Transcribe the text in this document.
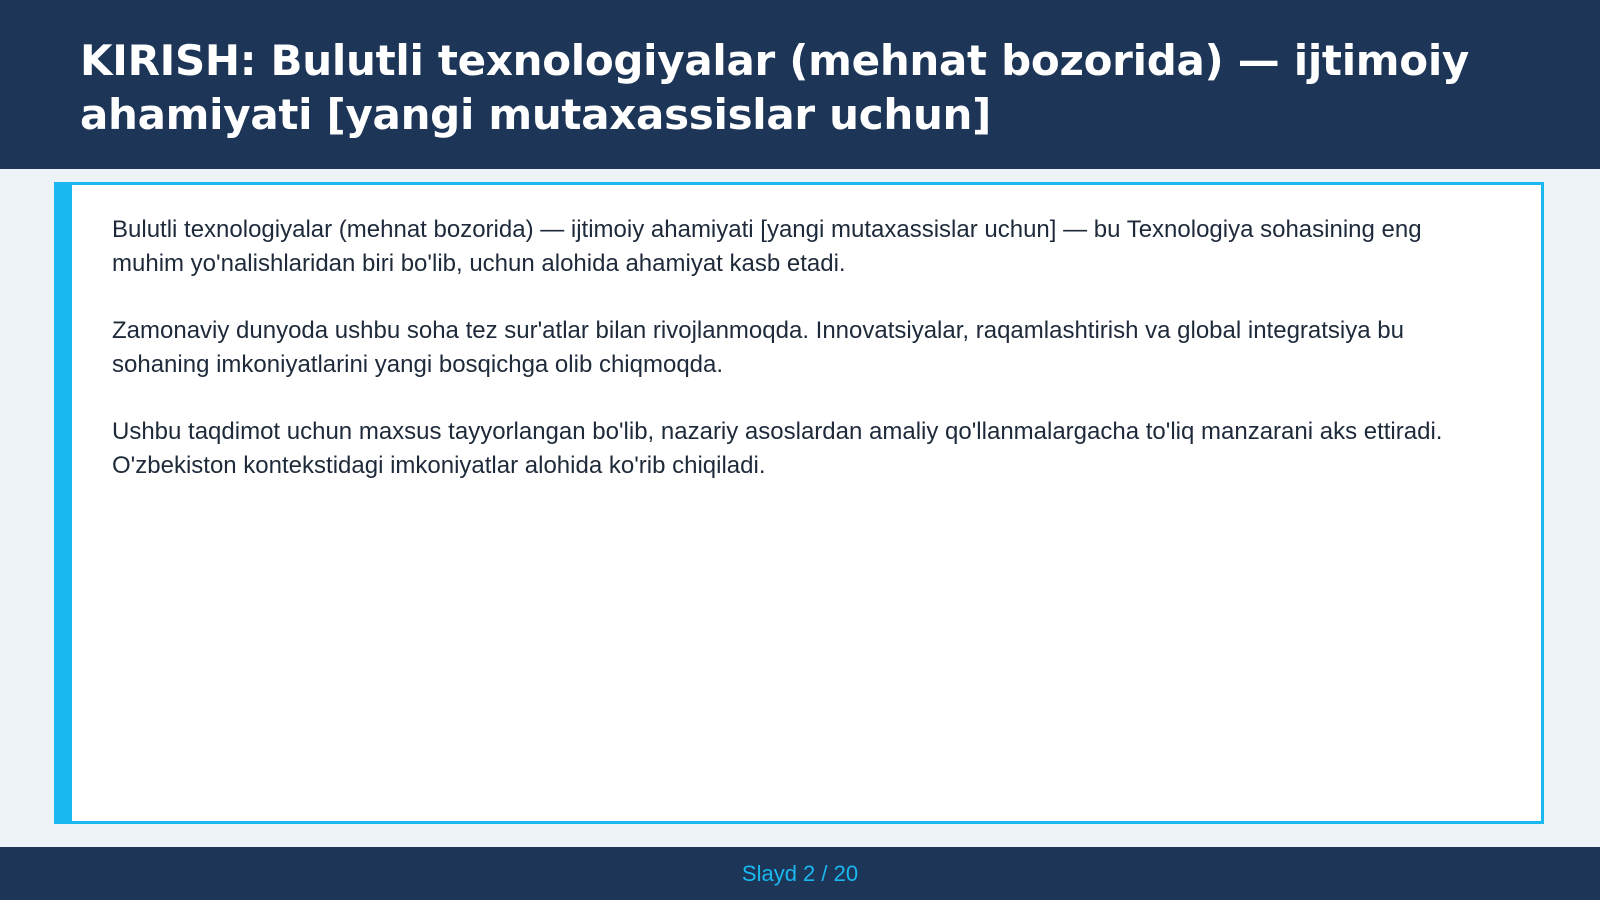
KIRISH: Bulutli texnologiyalar (mehnat bozorida) — ijtimoiy ahamiyati [yangi mutaxassislar uchun]

Bulutli texnologiyalar (mehnat bozorida) — ijtimoiy ahamiyati [yangi mutaxassislar uchun] — bu Texnologiya sohasining eng muhim yo'nalishlaridan biri bo'lib, uchun alohida ahamiyat kasb etadi.

Zamonaviy dunyoda ushbu soha tez sur'atlar bilan rivojlanmoqda. Innovatsiyalar, raqamlashtirish va global integratsiya bu sohaning imkoniyatlarini yangi bosqichga olib chiqmoqda.

Ushbu taqdimot uchun maxsus tayyorlangan bo'lib, nazariy asoslardan amaliy qo'llanmalargacha to'liq manzarani aks ettiradi. O'zbekiston kontekstidagi imkoniyatlar alohida ko'rib chiqiladi.

Slayd 2 / 20
